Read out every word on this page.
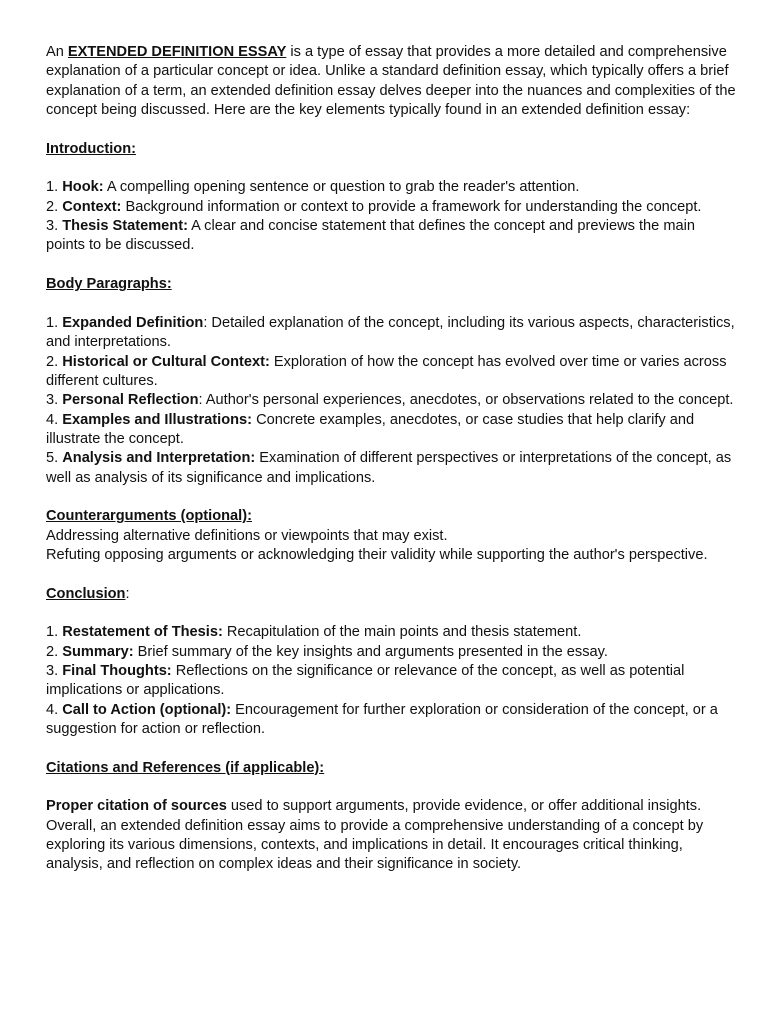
An EXTENDED DEFINITION ESSAY is a type of essay that provides a more detailed and comprehensive explanation of a particular concept or idea. Unlike a standard definition essay, which typically offers a brief explanation of a term, an extended definition essay delves deeper into the nuances and complexities of the concept being discussed. Here are the key elements typically found in an extended definition essay:

Introduction:

1. Hook: A compelling opening sentence or question to grab the reader's attention.

2. Context: Background information or context to provide a framework for understanding the concept.

3. Thesis Statement: A clear and concise statement that defines the concept and previews the main points to be discussed.

Body Paragraphs:

1. Expanded Definition: Detailed explanation of the concept, including its various aspects, characteristics, and interpretations.

2. Historical or Cultural Context: Exploration of how the concept has evolved over time or varies across different cultures.

3. Personal Reflection: Author's personal experiences, anecdotes, or observations related to the concept.

4. Examples and Illustrations: Concrete examples, anecdotes, or case studies that help clarify and illustrate the concept.

5. Analysis and Interpretation: Examination of different perspectives or interpretations of the concept, as well as analysis of its significance and implications.

Counterarguments (optional):

Addressing alternative definitions or viewpoints that may exist.

Refuting opposing arguments or acknowledging their validity while supporting the author's perspective.

Conclusion:

1. Restatement of Thesis: Recapitulation of the main points and thesis statement.

2. Summary: Brief summary of the key insights and arguments presented in the essay.

3. Final Thoughts: Reflections on the significance or relevance of the concept, as well as potential implications or applications.

4. Call to Action (optional): Encouragement for further exploration or consideration of the concept, or a suggestion for action or reflection.

Citations and References (if applicable):

Proper citation of sources used to support arguments, provide evidence, or offer additional insights. Overall, an extended definition essay aims to provide a comprehensive understanding of a concept by exploring its various dimensions, contexts, and implications in detail. It encourages critical thinking, analysis, and reflection on complex ideas and their significance in society.
